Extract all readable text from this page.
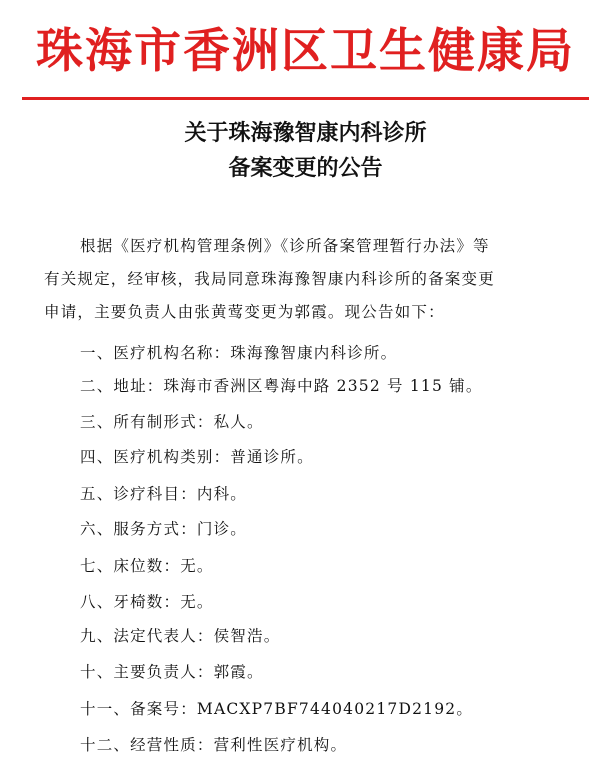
珠海市香洲区卫生健康局
关于珠海豫智康内科诊所
备案变更的公告
根据《医疗机构管理条例》《诊所备案管理暂行办法》等
有关规定，经审核，我局同意珠海豫智康内科诊所的备案变更
申请，主要负责人由张黄莺变更为郭霞。现公告如下：
一、医疗机构名称：珠海豫智康内科诊所。
二、地址：珠海市香洲区粤海中路 2352 号 115 铺。
三、所有制形式：私人。
四、医疗机构类别：普通诊所。
五、诊疗科目：内科。
六、服务方式：门诊。
七、床位数：无。
八、牙椅数：无。
九、法定代表人：侯智浩。
十、主要负责人：郭霞。
十一、备案号：MACXP7BF744040217D2192。
十二、经营性质：营利性医疗机构。
